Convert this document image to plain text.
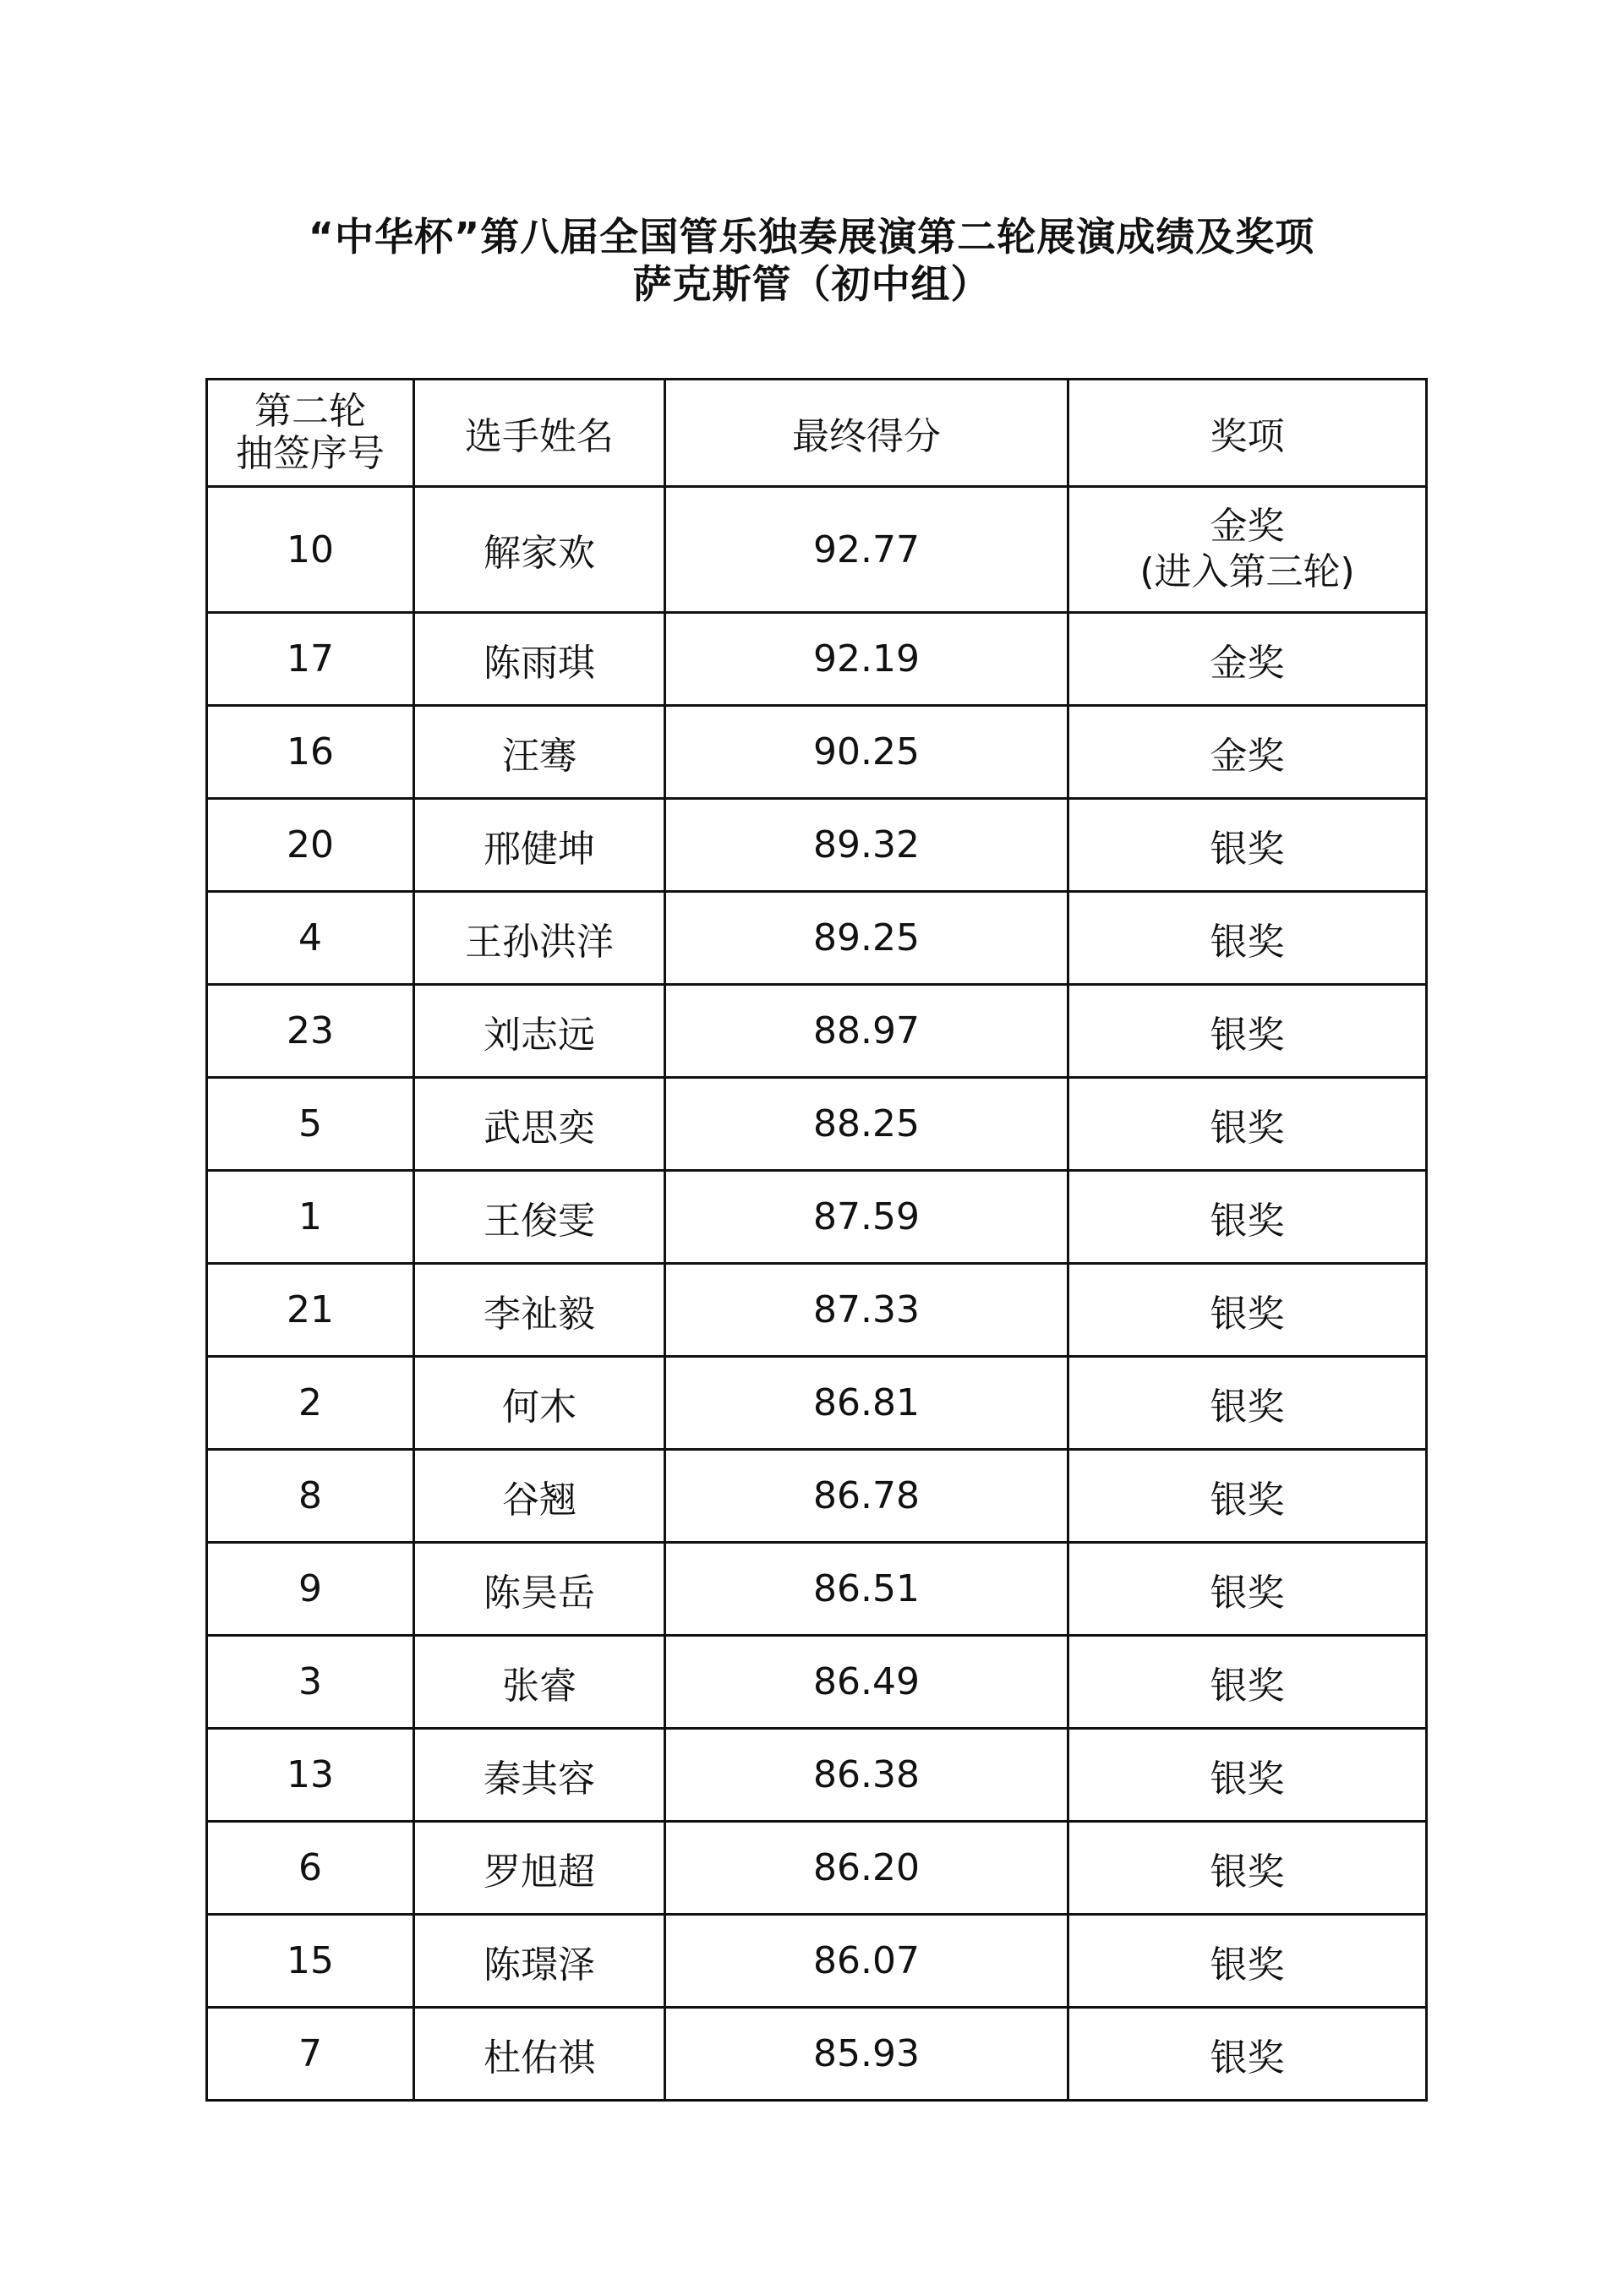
“中华杯”第八届全国管乐独奏展演第二轮展演成绩及奖项
萨克斯管（初中组）
第二轮
抽签序号	选手姓名	最终得分	奖项
10	解家欢	92.77	金奖
(进入第三轮)

17	陈雨琪	92.19	金奖
16	汪骞	90.25	金奖
20	邢健坤	89.32	银奖
4	王孙洪洋	89.25	银奖
23	刘志远	88.97	银奖
5	武思奕	88.25	银奖
1	王俊雯	87.59	银奖
21	李祉毅	87.33	银奖
2	何木	86.81	银奖
8	谷翘	86.78	银奖
9	陈昊岳	86.51	银奖
3	张睿	86.49	银奖
13	秦其容	86.38	银奖
6	罗旭超	86.20	银奖
15	陈璟泽	86.07	银奖
7	杜佑祺	85.93	银奖
